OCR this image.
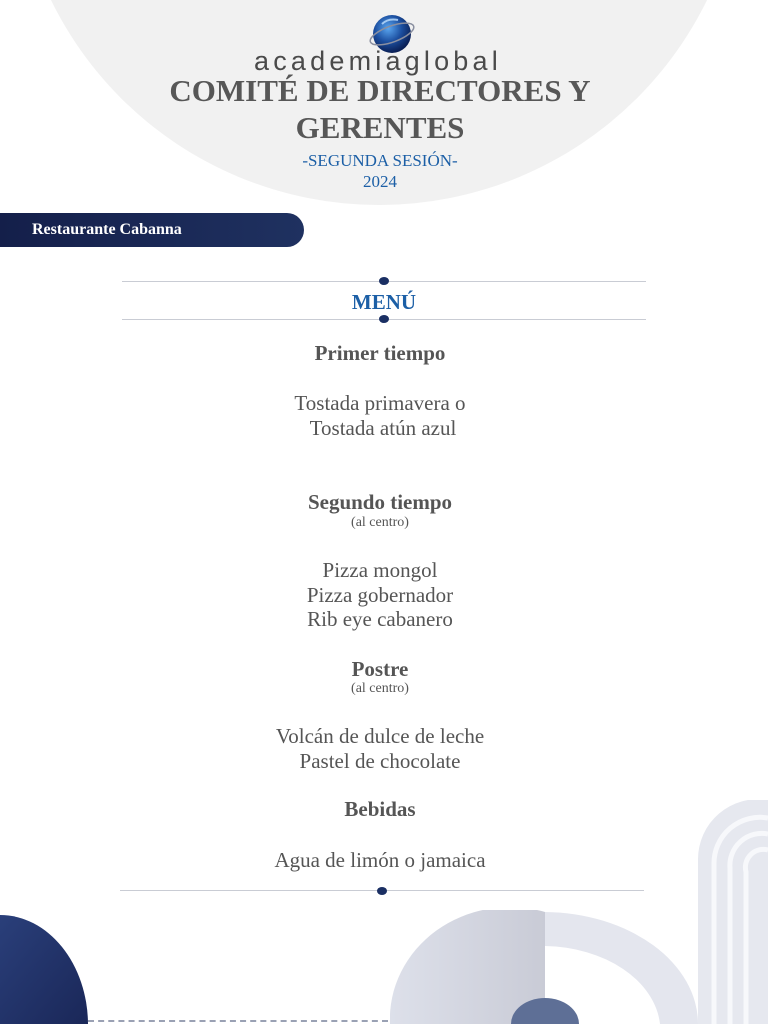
academiaglobal
COMITÉ DE DIRECTORES Y
GERENTES
-SEGUNDA SESIÓN-
2024
Restaurante Cabanna
MENÚ
Primer tiempo
Tostada primavera o
Tostada atún azul
Segundo tiempo
(al centro)
Pizza mongol
Pizza gobernador
Rib eye cabanero
Postre
(al centro)
Volcán de dulce de leche
Pastel de chocolate
Bebidas
Agua de limón o jamaica
